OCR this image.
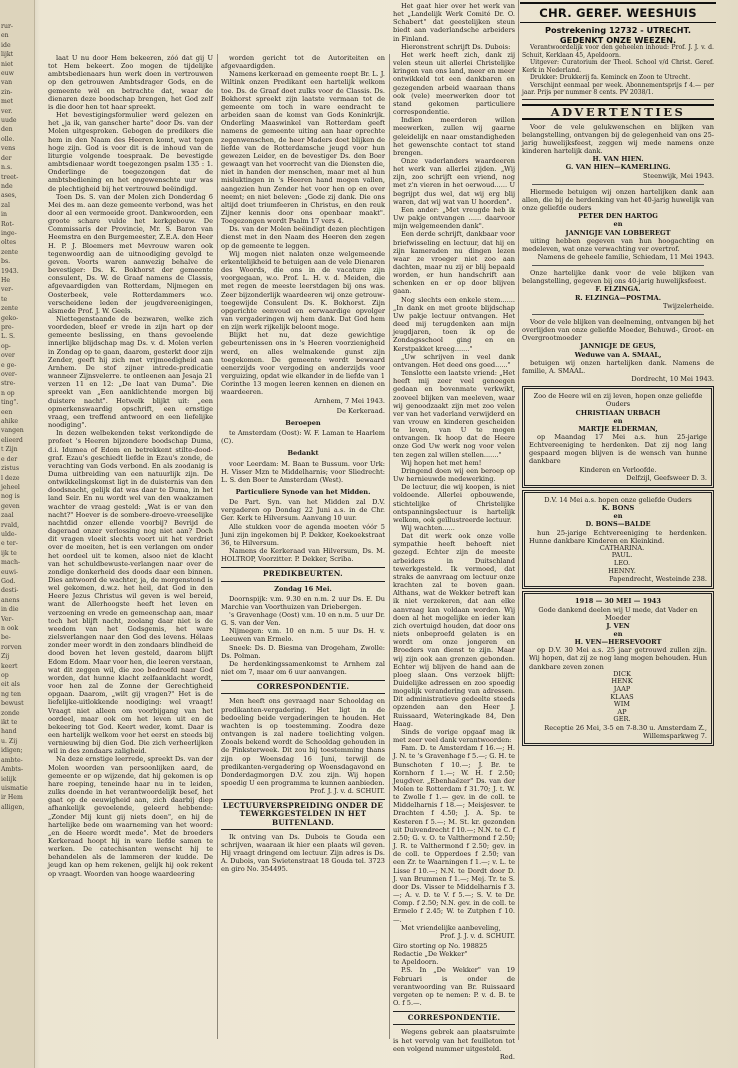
rur-
en
ide
lijkt
niet
euw
van
zin-
met
ver.
uude
den
olle.
vens
der
n.s.
treet-
nde
ases,
zal
in
Rot-
inge-
oltes
zente
bs.
1943.
He
ver-
te
zente
geko-
pre-
L. S.
op-
over
e ge-
over-
stre-
n op
ting".
een
ahike
vangen
elieerd
t Zijn
e der
zistus
l deze
jeheel
nog is
geven
zaal
rvald,
ulde-
e ter-
ijk te
mach-
euwi-
God.
desti-
anens
in die
Ver-
n ook
be-
rorven
Zij
keert
op
eit als
ng ten
bewust
zonde
ikt te
hand
u. Zij
idigen;
ambte-
Ambts-
ielijk
uismatie
ir Hem
alligen,

laat U nu door Hem bekeeren, zóó dat gij U tot Hem bekeert. Zoo mogen de tijdelijke ambtsbedienaars hun werk doen in vertrouwen op den getrouwen Ambtsdrager Gods, en de gemeente wèl en betrachte dat, waar de dienaren deze boodschap brengen, het God zelf is die door hen tot haar spreekt.

Het bevestigingsformulier werd gelezen en het „ja ik, van ganscher harte" door Ds. van der Molen uitgesproken. Gebogen de predikers die hem in den Naam des Heeren komt, wat tegen hoge zijn. God is voor dit is de inhoud van de liturgie volgende toespraak. De bevestigde ambtsdienaar wordt toegezongen psalm 135 : 1. Onderlinge de toegezongen dat de ambtsbediening en het ongewenschte uur was de plechtigheid bij het vertrouwd beëindigd.

Toen Ds. S. van der Molen zich Donderdag 6 Mei des m. aan deze gemeente verbond, was het door al een vermoeide groot. Dankwoorden, een groote schare vulde het kerkgebouw. De Commissaris der Provincie, Mr. S. Baron van Heemstra en den Burgemeester, Z.E.A. den Heer H. P. J. Bloemers met Mevrouw waren ook tegenwoordig aan de uitnoodiging gevolgd te geven. Voorts waren aanwezig behalve de bevestiger: Ds. K. Bokhorst der gemeente consulent, Ds. W. de Graaf namens de Classis, afgevaardigden van Rotterdam, Nijmegen en Oosterbeek, vele Rotterdammers w.o. verscheidene leden der jeugdvereenigingen, alsmede Prof. J. W. Geels.

Niettegenstaande de bezwaren, welke zich voordeden, bleef er vrede in zijn hart op der gemeente beslissing, en thans gevoelende innerlijke blijdschap mag Ds. v. d. Molen verlen in Zondag op te gaan, daarom, gesterkt door zijn Zender, geeft hij zich met vrijmoedigheid aan Arnhem. De stof zijner intrede-predicatie wanneer Zijnsvelerre. te ontleenen aan Jesaja 21 verzen 11 en 12: „De laat van Duma". Die spreekt van „Een aanklichtende morgen bij duistere nacht". Hetwelk blijkt uit: „een opmerkenswaardig opschrift, een ernstige vraag, een treffend antwoord en een liefelijke noodiging".

In dezen welbekenden tekst verkondigde de profeet 's Heeren bijzondere boodschap Duma, d.i. Idumea of Edom en betrekkent stilte-dood-graf. Ezau's geschiedt liefde in Ezau's zonde, de verachting van Gods verbond. En als zoodanig is Duma uitbreiding van een natuurlijk zijn. De ontwikkelingskomst ligt in de duisternis van den doodsnacht, gelijk dat was daar te Duma, in het land Seir. En nu wordt wel van den waakzamen wachter de vraag gesteld: „Wat is er van den nacht?" Hoever is de sombere-droeve-vreeselijke nachtdid onzer ellende voorbij? Bevrijd de dageraad onzer verlossing nog niet aan? Doch dit vragen vloeit slechts voort uit het verdriet over de moeiten, het is een verlangen om onder het oordeel uit te komen, alsoo niet de klacht van het schuldbewuste-verlangen naar over de zondige donkerheid des doods daar een binnen. Dies antwoord de wachter, ja, de morgenstond is wel gekomen, d.w.z. het heil, dat God in den Heere Jezus Christus wil geven is wel bereid, want de Allerhoogste heeft het leven en verzoening en vrede en gemeenschap aan, maar toch het blijft nacht, zoolang daar niet is de weedom van het Godsgemis, het ware zielsverlangen naar den God des levens. Hélaas zonder meer wordt in den zondaars blindheid de dood boven het leven gesteld, daarom blijft Edom Edom. Maar voor hen, die leeren verstaan, wat dit zeggen wil, die zoo bedroefd naar God worden, dat hunne klacht zelfaanklacht wordt, voor hen zal de Zonne der Gerechtigheid opgaan. Daarom, „wilt gij vragen?" Het is de liefelijke-uitlokkende noodiging: wel vraagt! Vraagt niet alleen om voorbijgang van het oordeel, maar ook om het leven uit en de bekeering tot God. Keert weder, komt. Daar is een hartelijk welkom voor het eerst en steeds bij vernieuwing bij dien God. Die zich verheerlijken wil in des zondaars zaligheid.

Na deze ernstige leerrede, spreekt Ds. van der Molen woorden van persoonlijken aard, de gemeente er op wijzende, dat hij gekomen is op hare roeping, teneinde haar nu in te leiden, zulks doende in het verantwoordelijk besef, het gaat op de eeuwigheid aan, zich daarbij diep afhankelijk gevoelende, geleerd hebbende: „Zonder Mij kunt gij niets doen", en hij de hartelijke bede om waarneming van het woord: „en de Heere wordt mede". Met de broeders Kerkeraad hoopt hij in ware liefde samen te werken. De catechisanten wenscht hij te behandelen als de lammeren der kudde. De jeugd kan op hem rekenen, gelijk hij ook rekent op vraagt. Woorden van hooge waardeering

worden gericht tot de Autoriteiten en afgevaardigden.

Namens kerkeraad en gemeente roept Br. L. J. Wiltink onzen Predikant een hartelijk welkom toe. Ds. de Graaf doet zulks voor de Classis. Ds. Bokhorst spreekt zijn laatste vermaan tot de gemeente om toch in ware eendracht te arbeiden saan de komst van Gods Koninkrijk. Onderling Maaswinkel van Rotterdam geeft namens de gemeente uiting aan haar oprechte zegenwenschen, de heer Maders doet blijken de liefde van de Rotterdamsche jeugd voor hun gewezen Leider, en de bevestiger Ds. den Boer gewaagt van het voorrecht van die Diensten die, niet in handen der menschen, maar met al hun misluktingen in 's Heeren hand mogen vallen, aangezien hun Zender het voor hen op en over neemt; en niet beleven: „Gode zij dank. Die ons altijd doet triumfeeren in Christus, en den reuk Zijner kennis door ons openbaar maakt". Toegezongen wordt Psalm 17 vers 4.

Ds. van der Molen beëindigt dezen plechtigen dienst met in den Naam des Heeren den zegen op de gemeente te leggen.

Wij mogen niet nalaten onze welgemeende erkentelijkheid te betuigen aan de vele Dienaren des Woords, die ons in de vacature zijn voorgegaan, w.o. Prof. L. H. v. d. Meiden, die met regen de meeste leerstdagen bij ons was. Zeer bijzonderlijk waardeeren wij onze getrouw-toegewijde Consulent Ds. K. Bokhorst. Zijn opgerichte eenvoud en eerwaardige opvolger van vergaderingen wij hem dank. Dat God hem en zijn werk rijkelijk beloont moge.

Blijkt het nu, dat deze gewichtige gebeurtenissen ons in 's Heeren voorzienigheid werd, en alles welmakende gunst zijn toegekomen. De gemeente wordt bewaard eenerzijds voor vergoding en anderzijds voor verguizing, opdat wie elkander in de liefde van 1 Corinthe 13 mogen leeren kennen en dienen en waardeeren.

Arnhem, 7 Mei 1943.
De Kerkeraad.
Beroepen

te Amsterdam (Oost): W. F. Laman te Haarlem (C).

Bedankt

voor Leerdam: M. Baan te Bussum. voor Urk: H. Visser Mzn te Middelharnis; voor Sliedrecht: L. S. den Boer te Amsterdam (West).

Particuliere Synode van het Midden.

De Part. Syn. van het Midden zal D.V. vergaderen op Dondag 22 Juni a.s. in de Chr. Ger. Kerk te Hilversum. Aanvang 10 uur.

Alle stukken voor de agenda moeten vóór 5 Juni zijn ingekomen bij P. Dekker, Koekoekstraat 36, te Hilversum.

Namens de Kerkeraad van Hilversum, Ds. M. HOLTROP, Voorzitter. P. Dekker, Scriba.

PREDIKBEURTEN.
Zondag 16 Mei.

Doornspijk: v.m. 9.30 en n.m. 2 uur Ds. E. Du Marchie van Voorthuizen van Driebergen.

's Gravenhage (Oost) v.m. 10 en n.m. 5 uur Dr. G. S. van der Ven.

Nijmegen: v.m. 10 en n.m. 5 uur Ds. H. v. Leeuwen van Ermelo.

Sneek: Ds. D. Biesma van Drogeham, Zwolle: Ds. Polman.

De herdenkingssamenkomst te Arnhem zal niet om 7, maar om 6 uur aanvangen.

CORRESPONDENTIE.

Men heeft ons gevraagd naar Schooldag en predikanten-vergadering. Het ligt in de bedoeling beide vergaderingen te houden. Het wachten is op toestemming. Zoodra deze ontvangen is zal nadere toelichting volgen. Zooals bekend wordt de Schooldag gehouden in de Pinksterweek. Dit zou bij toestemming thans zijn op Woensdag 16 Juni, terwijl de predikanten-vergadering op Woensdagavond en Donderdagmorgen D.V. zou zijn. Wij hopen spoedig U een programma te kunnen aanbieden.

Prof. J. J. v. d. SCHUIT.
LECTUURVERSPREIDING ONDER DE TEWERKGESTELDEN IN HET BUITENLAND.

Ik ontving van Ds. Dubois te Gouda een schrijven, waaraan ik hier een plaats wil geven. Hij vraagt dringend om lectuur. Zijn adres is Ds. A. Dubois, van Swietenstraat 18 Gouda tel. 3723 en giro No. 354495.

Het gaat hier over het werk van het „Landelijk Werk Comité Dr. O. Schabert" dat geestelijken steun biedt aan vaderlandsche arbeiders in Finland.

Hieronstrent schrijft Ds. Dubois:

Het werk heeft zich, dank zij velen steun uit allerlei Christelijke kringen van ons land, meer en meer ontwikkeld tot een dankbaren en gezegenden arbeid waaraan thans ook (vele) meerwerken door tot stand gekomen particuliere correspondentie.

Indien meerderen willen meewerken, zullen wij gaarne geleidelijk en naar omstandigheden het gewenschte contact tot stand brengen.

Onze vaderlanders waardeeren het werk van allerlei zijden. „Wij zijn, zoo schrijft een vriend, nog met z'n vieren in het oerwoud...... U begrijpt dus wel, dat wij erg blij waren, dat wij wat van U hoorden".

Een ander: „Met vreugde heb ik Uw pakje ontvangen ...... daarvoor mijn welgemeenden dank".

Een derde schrijft, dankbaar voor briefwisseling en lectuur, dat hij en zijn kameraden nu dingen lezen waar ze vroeger niet zoo aan dachten, maar nu zij er blij bepaald worden, er hun handschrift aan schenken en er op door blijven gaan.

Nog slechts een enkele stem....... „In dank en met groote blijdschap Uw pakje lectuur ontvangen. Het deed mij terugdenken aan mijn jeugdjaren, toen ik op de Zondagsschool ging en en Kerstpakket kreeg......."

„Uw schrijven in veel dank ontvangen. Het deed ons goed......"

Tenslotte een laatste vriend: „Het heeft mij zeer veel genoegen gedaan en bovenmate verkwikt, zooveel blijken van meeleven, waar wij genoodzaakt zijn met zoo velen ver van het vaderland verwijderd en van vrouw en kinderen gescheiden te leven, van U te mogen ontvangen. Ik hoop dat de Heere onze God Uw werk nog voor velen ten zegen zal willen stellen......."

Wij hopen het met hem!

Dringend doen wij een beroep op Uw hernieuwde medewerking.

De lectuur, die wij koopen, is niet voldoende. Allerlei opbouwende, stichtelijke of Christelijke ontspanningslectuur is hartelijk welkom, ook geïllustreerde lectuur.

Wij wachten......

Dat dit werk ook onze volle sympathie heeft behoeft niet gezegd. Echter zijn de meeste arbeiders in Duitschland tewerkgesteld. Ik vermoed, dat straks de aanvraag om lectuur onze krachten zal te boven gaan. Althans, wat de Wekker betreft kan ik niet verzekeren, dat aan elke aanvraag kan voldaan worden. Wij doen al het mogelijke en ieder kan zich overtuigd houden, dat door ons niets onbeproefd gelaten is en wordt om onze jongeren en Broeders van dienst te zijn. Maar wij zijn ook aan grenzen gebonden. Echter wij blijven de hand aan de ploeg slaan. Ons verzoek blijft: Duidelijke adressen en zoo spoedig mogelijk verandering van adressen. Dit administratieve gedeelte steeds opzenden aan den Heer J. Ruissaard, Weteringkade 84, Den Haag.

Sinds de vorige opgaaf mag ik met zeer veel dank verantwoorden:

Fam. D. te Amsterdam f 16.—; H. J. N. te 's Gravenhage f 5.—; G. H. te Bunschoten f 10.—; J. Br. te Kornhorn f 1.—; W. H. f 2.50; Jeugdver. „Ebenhaëzer" Ds. van der Molen te Rotterdam f 31.70; J. t. W. te Zwolle f 1.— gev. in de coll. te Middelharnis f 18.—; Meisjesver. te Drachten f 4.50; J. A. Sp. te Kesteren f 5.—; M. St. kr. gezonden uit Duivendrecht f 10.—; N.N. te C. f 2.50; G. v. O. te Valthermond f 2.50; J. R. te Valthermond f 2.50; gev. in de coll. te Opperdoes f 2.50; van een Zr. te Waarningen f 1.—; v. L. te Lisse f 10.—; N.N. te Dordt door D. J. van Brummen f 1.—; Mej. Tr. te S. door Ds. Visser te Middelharnis f 3.—; A. v. D. te V. f 5.—; S. V. te Dr. Comp. f 2.50; N.N. gev. in de coll. te Ermelo f 2.45; W. te Zutphen f 10.—.

Met vriendelijke aanbeveling,

Prof. J. J. v. d. SCHUIT.
Giro storting op No. 198825
Redactie „De Wekker"
te Apeldoorn.

P.S. In „De Wekker" van 19 Februari is onder de verantwoording van Br. Ruissaard vergeten op te nemen: P. v. d. B. te O. f 5.—.

CORRESPONDENTIE.

Wegens gebrek aan plaatsruimte is het vervolg van het feuilleton tot een volgend nummer uitgesteld.

Red.
CHR. GEREF. WEESHUIS
Postrekening 12732 - UTRECHT.
GEDENKT ONZE WEEZEN.

Verantwoordelijk voor den geheelen inhoud: Prof. J. J. v. d. Schuit, Kerklaan 45, Apeldoorn.

Uitgever: Curatorium der Theol. School v/d Christ. Geref. Kerk in Nederland.

Drukker: Drukkerij fa. Keminck en Zoon te Utrecht.

Verschijnt eenmaal per week. Abonnementsprijs f 4.— per jaar. Prijs per nummer 8 cents. PV 2038/1.

ADVERTENTIES

Voor de vele gelukwenschen en blijken van belangstelling, ontvangen bij de gelegenheid van ons 25-jarig huwelijksfeest, zeggen wij mede namens onze kinderen hartelijk dank.

H. VAN HIEN.

G. VAN HIEN—KAMERLING.

Steenwijk, Mei 1943.

Hiermede betuigen wij onzen hartelijken dank aan allen, die bij de herdenking van het 40-jarig huwelijk van onze geliefde ouders

PETER DEN HARTOG

en

JANNIGJE VAN LOBBEREGT

uiting hebben gegeven van hun hoogachting en medeleven, wat onze verwachting ver overtrof.

Namens de geheele familie, Schiedam, 11 Mei 1943.

Onze hartelijke dank voor de vele blijken van belangstelling, gegeven bij ons 40-jarig huwelijksfeest.

F. ELZINGA.

R. ELZINGA—POSTMA.

Twijzelerheide.

Voor de vele blijken van deelneming, ontvangen bij het overlijden van onze geliefde Moeder, Behuwd-, Groot- en Overgrootmoeder

JANNIGJE DE GEUS,

Weduwe van A. SMAAL,

betuigen wij onzen hartelijken dank. Namens de familie, A. SMAAL.

Dordrecht, 10 Mei 1943.

Zoo de Heere wil en zij leven, hopen onze geliefde Ouders

CHRISTIAAN URBACH

en

MARTJE ELDERMAN,

op Maandag 17 Mei a.s. hun 25-jarige Echtvereeniging te herdenken. Dat zij nog lang gespaard mogen blijven is de wensch van hunne dankbare

Kinderen en Verloofde.

Delfzijl, Geefsweer D. 3.

D.V. 14 Mei a.s. hopen onze geliefde Ouders

K. BONS

en

D. BONS—BALDE

hun 25-jarige Echtvereeniging te herdenken. Hunne dankbare Kinderen en Kleinkind.

CATHARINA.

PAUL.

LEO.

HENNY.

Papendrecht, Westeinde 238.

1918 — 30 MEI — 1943

Gode dankend deelen wij U mede, dat Vader en Moeder

J. VEN

en

H. VEN—HERSEVOORT

op D.V. 30 Mei a.s. 25 jaar getrouwd zullen zijn. Wij hopen, dat zij ze nog lang mogen behouden. Hun dankbare zeven zonen

DICK

HENK

JAAP

KLAAS

WIM

AP

GER.

Receptie 26 Mei, 3-5 en 7-8.30 u. Amsterdam Z., Willemsparkweg 7.
